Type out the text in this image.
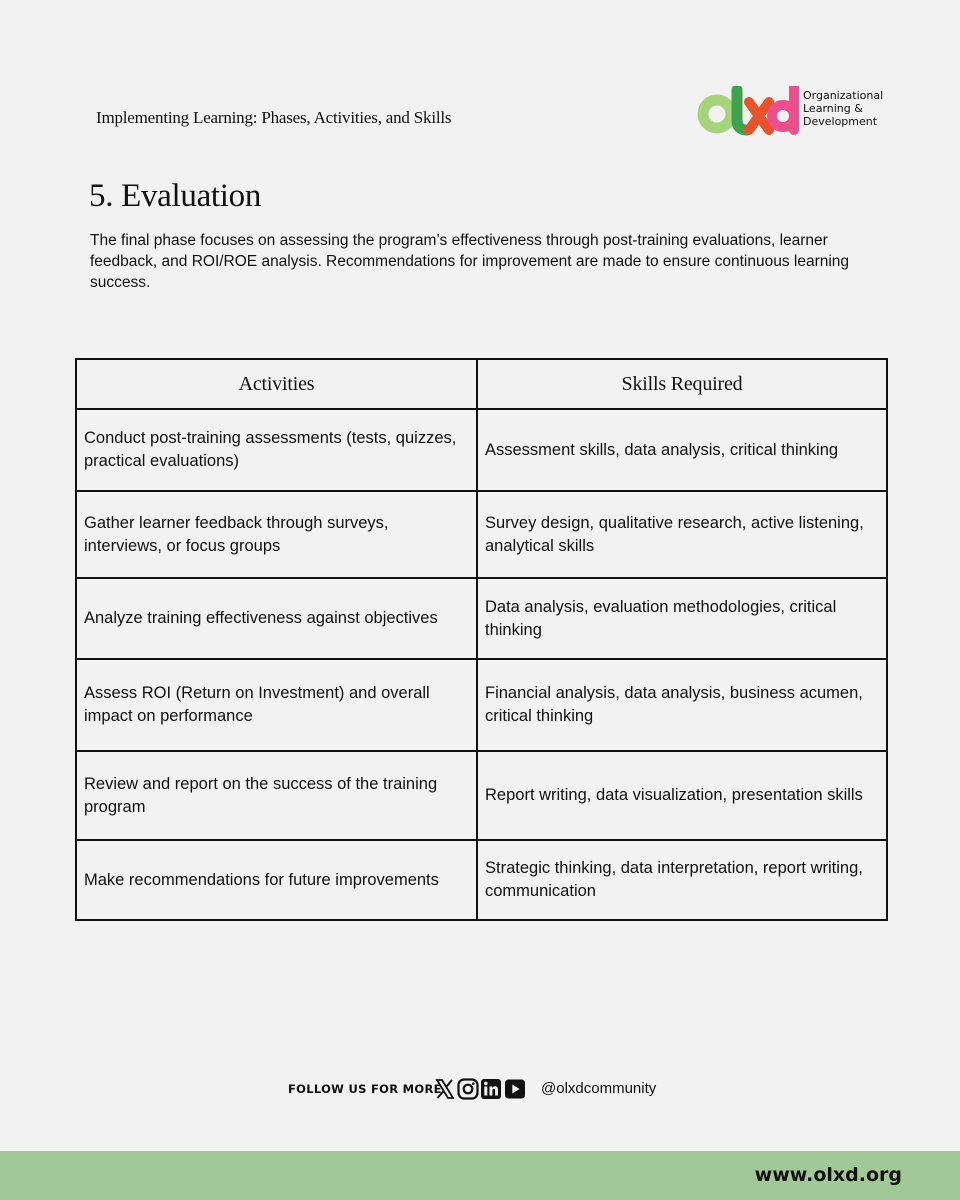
Implementing Learning: Phases, Activities, and Skills
Organizational
Learning &
Development
5. Evaluation

The final phase focuses on assessing the program’s effectiveness through post-training evaluations, learner feedback, and ROI/ROE analysis. Recommendations for improvement are made to ensure continuous learning success.

Activities	Skills Required
Conduct post-training assessments (tests, quizzes, practical evaluations)	Assessment skills, data analysis, critical thinking
Gather learner feedback through surveys, interviews, or focus groups	Survey design, qualitative research, active listening, analytical skills
Analyze training effectiveness against objectives	Data analysis, evaluation methodologies, critical thinking
Assess ROI (Return on Investment) and overall impact on performance	Financial analysis, data analysis, business acumen, critical thinking
Review and report on the success of the training program	Report writing, data visualization, presentation skills
Make recommendations for future improvements	Strategic thinking, data interpretation, report writing, communication
FOLLOW US FOR MORE	@olxdcommunity
www.olxd.org
